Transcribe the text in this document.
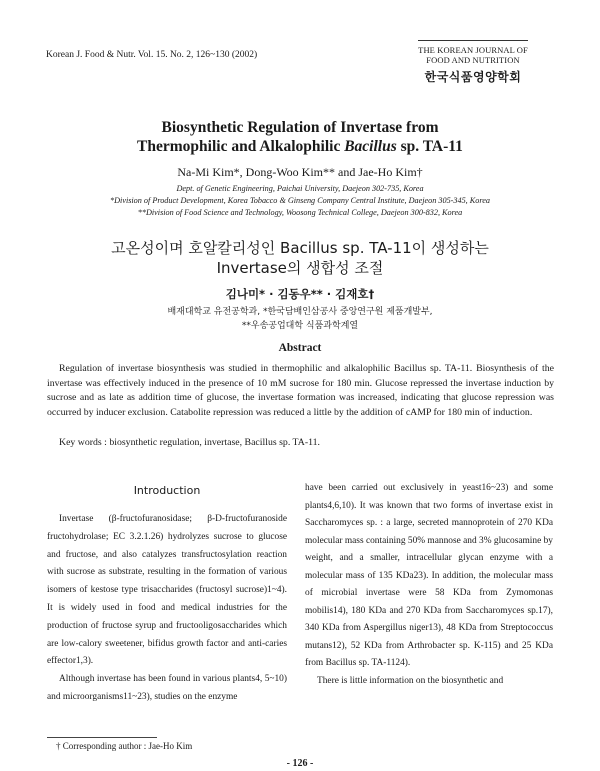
Korean J. Food & Nutr. Vol. 15. No. 2, 126~130 (2002)	THE KOREAN JOURNAL OF
FOOD AND NUTRITION
한국식품영양학회
Biosynthetic Regulation of Invertase from
Thermophilic and Alkalophilic Bacillus sp. TA-11
Na-Mi Kim*, Dong-Woo Kim** and Jae-Ho Kim†
Dept. of Genetic Engineering, Paichai University, Daejeon 302-735, Korea
*Division of Product Development, Korea Tobacco & Ginseng Company Central Institute, Daejeon 305-345, Korea
**Division of Food Science and Technology, Woosong Technical College, Daejeon 300-832, Korea
고온성이며 호알칼리성인 Bacillus sp. TA-11이 생성하는
Invertase의 생합성 조절
김나미* · 김동우** · 김재호†
배재대학교 유전공학과, *한국담배인삼공사 중앙연구원 제품개발부,
**우송공업대학 식품과학계열
Abstract

Regulation of invertase biosynthesis was studied in thermophilic and alkalophilic Bacillus sp. TA-11. Biosynthesis of the invertase was effectively induced in the presence of 10 mM sucrose for 180 min. Glucose repressed the invertase induction by sucrose and as late as addition time of glucose, the invertase formation was increased, indicating that glucose repression was occurred by inducer exclusion. Catabolite repression was reduced a little by the addition of cAMP for 180 min of induction.

Key words : biosynthetic regulation, invertase, Bacillus sp. TA-11.
Introduction

Invertase (β-fructofuranosidase; β-D-fructofuranoside fructohydrolase; EC 3.2.1.26) hydrolyzes sucrose to glucose and fructose, and also catalyzes transfructosylation reaction with sucrose as substrate, resulting in the formation of various isomers of kestose type trisaccharides (fructosyl sucrose)1~4). It is widely used in food and medical industries for the production of fructose syrup and fructooligosaccharides which are low-calory sweetener, bifidus growth factor and anti-caries effector1,3).

Although invertase has been found in various plants4, 5~10) and microorganisms11~23), studies on the enzyme

have been carried out exclusively in yeast16~23) and some plants4,6,10). It was known that two forms of invertase exist in Saccharomyces sp. : a large, secreted mannoprotein of 270 KDa molecular mass containing 50% mannose and 3% glucosamine by weight, and a smaller, intracellular glycan enzyme with a molecular mass of 135 KDa23). In addition, the molecular mass of microbial invertase were 58 KDa from Zymomonas mobilis14), 180 KDa and 270 KDa from Saccharomyces sp.17), 340 KDa from Aspergillus niger13), 48 KDa from Streptococcus mutans12), 52 KDa from Arthrobacter sp. K-115) and 25 KDa from Bacillus sp. TA-1124).

There is little information on the biosynthetic and

† Corresponding author : Jae-Ho Kim
- 126 -
